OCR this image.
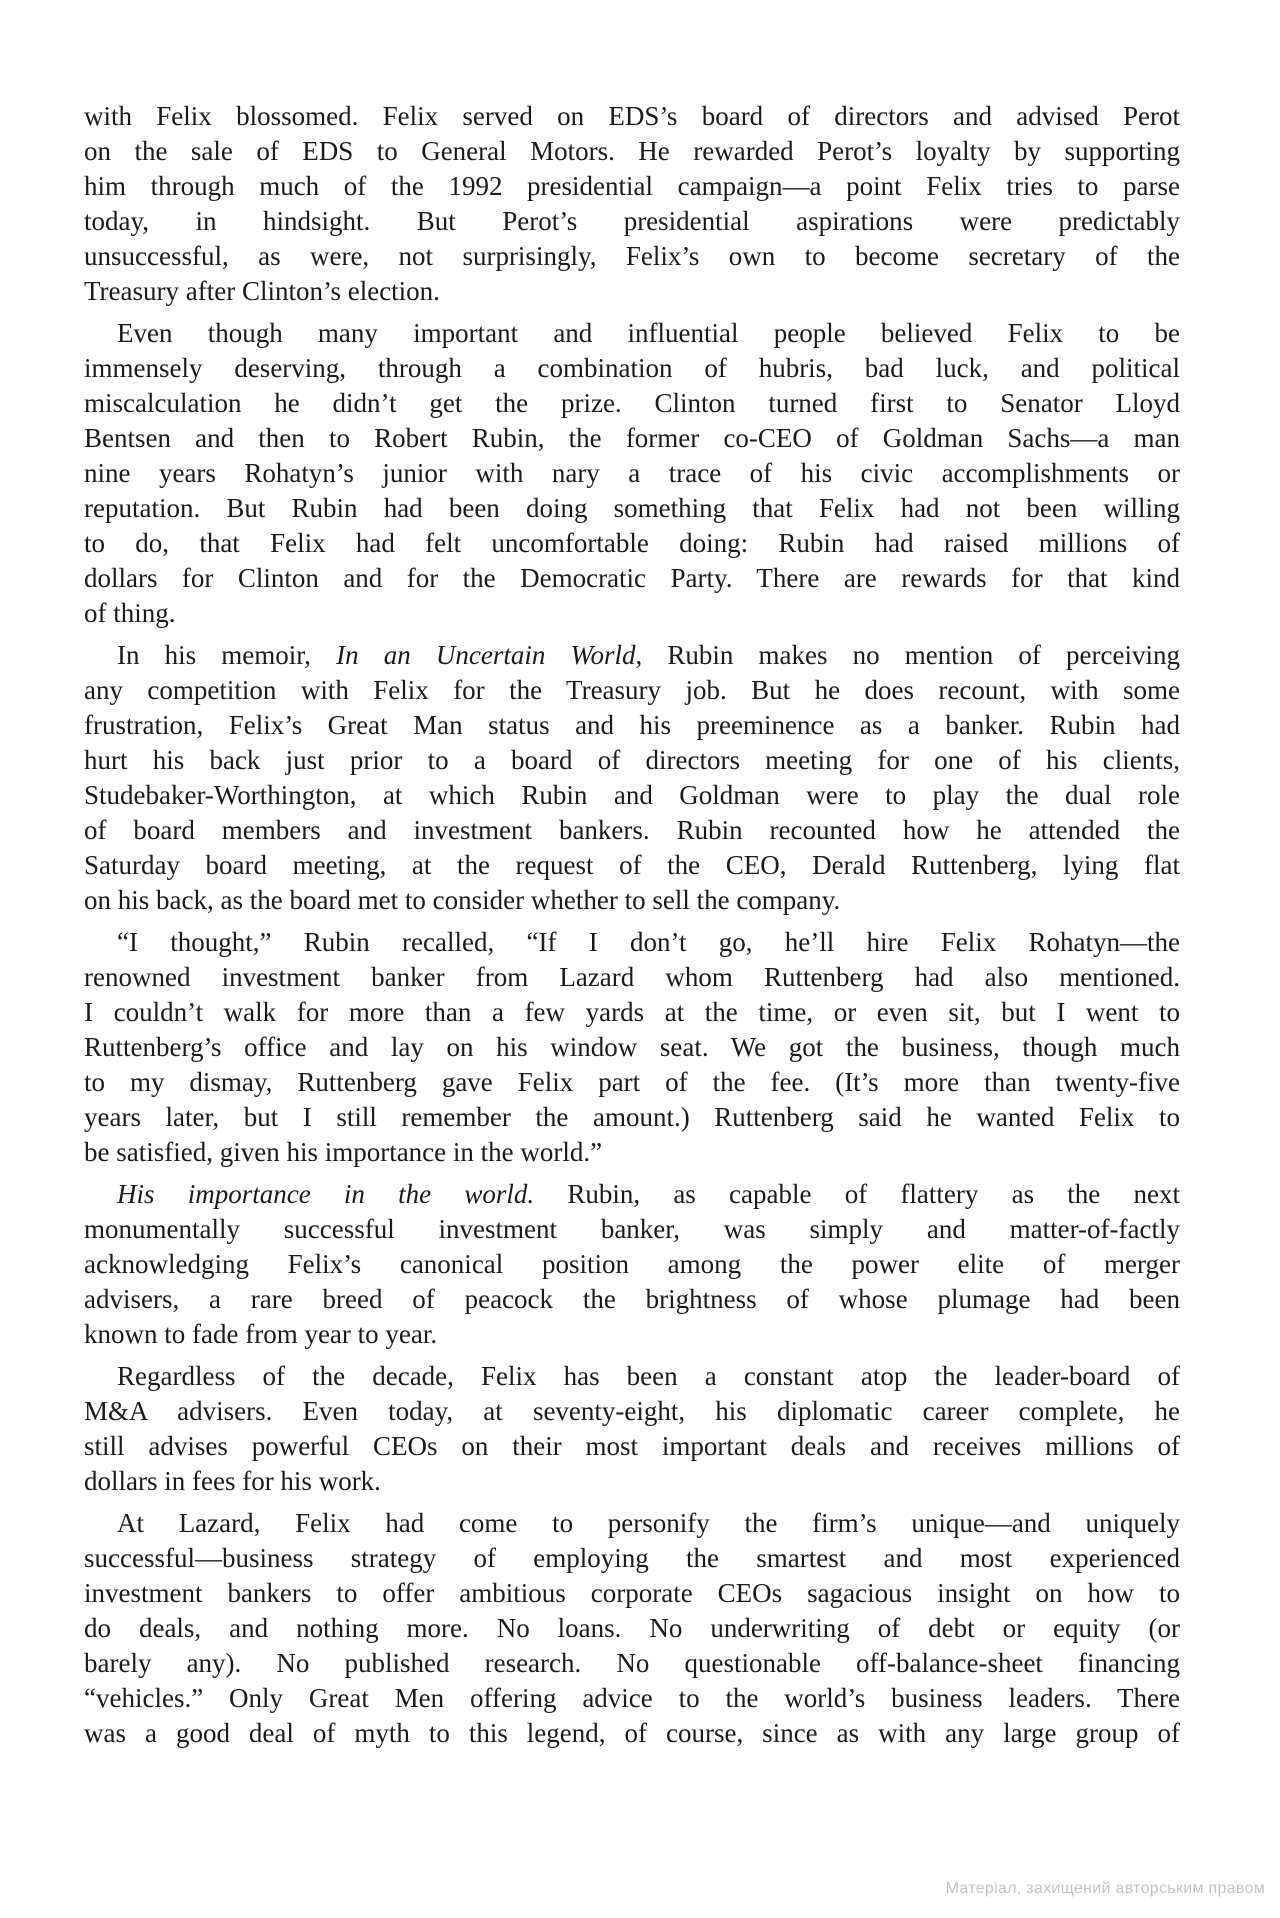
with Felix blossomed. Felix served on EDS’s board of directors and advised Perot
on the sale of EDS to General Motors. He rewarded Perot’s loyalty by supporting
him through much of the 1992 presidential campaign—a point Felix tries to parse
today, in hindsight. But Perot’s presidential aspirations were predictably
unsuccessful, as were, not surprisingly, Felix’s own to become secretary of the
Treasury after Clinton’s election.
Even though many important and influential people believed Felix to be
immensely deserving, through a combination of hubris, bad luck, and political
miscalculation he didn’t get the prize. Clinton turned first to Senator Lloyd
Bentsen and then to Robert Rubin, the former co-CEO of Goldman Sachs—a man
nine years Rohatyn’s junior with nary a trace of his civic accomplishments or
reputation. But Rubin had been doing something that Felix had not been willing
to do, that Felix had felt uncomfortable doing: Rubin had raised millions of
dollars for Clinton and for the Democratic Party. There are rewards for that kind
of thing.
In his memoir, In an Uncertain World, Rubin makes no mention of perceiving
any competition with Felix for the Treasury job. But he does recount, with some
frustration, Felix’s Great Man status and his preeminence as a banker. Rubin had
hurt his back just prior to a board of directors meeting for one of his clients,
Studebaker-Worthington, at which Rubin and Goldman were to play the dual role
of board members and investment bankers. Rubin recounted how he attended the
Saturday board meeting, at the request of the CEO, Derald Ruttenberg, lying flat
on his back, as the board met to consider whether to sell the company.
“I thought,” Rubin recalled, “If I don’t go, he’ll hire Felix Rohatyn—the
renowned investment banker from Lazard whom Ruttenberg had also mentioned.
I couldn’t walk for more than a few yards at the time, or even sit, but I went to
Ruttenberg’s office and lay on his window seat. We got the business, though much
to my dismay, Ruttenberg gave Felix part of the fee. (It’s more than twenty-five
years later, but I still remember the amount.) Ruttenberg said he wanted Felix to
be satisfied, given his importance in the world.”
His importance in the world. Rubin, as capable of flattery as the next
monumentally successful investment banker, was simply and matter-of-factly
acknowledging Felix’s canonical position among the power elite of merger
advisers, a rare breed of peacock the brightness of whose plumage had been
known to fade from year to year.
Regardless of the decade, Felix has been a constant atop the leader-board of
M&A advisers. Even today, at seventy-eight, his diplomatic career complete, he
still advises powerful CEOs on their most important deals and receives millions of
dollars in fees for his work.
At Lazard, Felix had come to personify the firm’s unique—and uniquely
successful—business strategy of employing the smartest and most experienced
investment bankers to offer ambitious corporate CEOs sagacious insight on how to
do deals, and nothing more. No loans. No underwriting of debt or equity (or
barely any). No published research. No questionable off-balance-sheet financing
“vehicles.” Only Great Men offering advice to the world’s business leaders. There
was a good deal of myth to this legend, of course, since as with any large group of
Матеріал, захищений авторським правом
